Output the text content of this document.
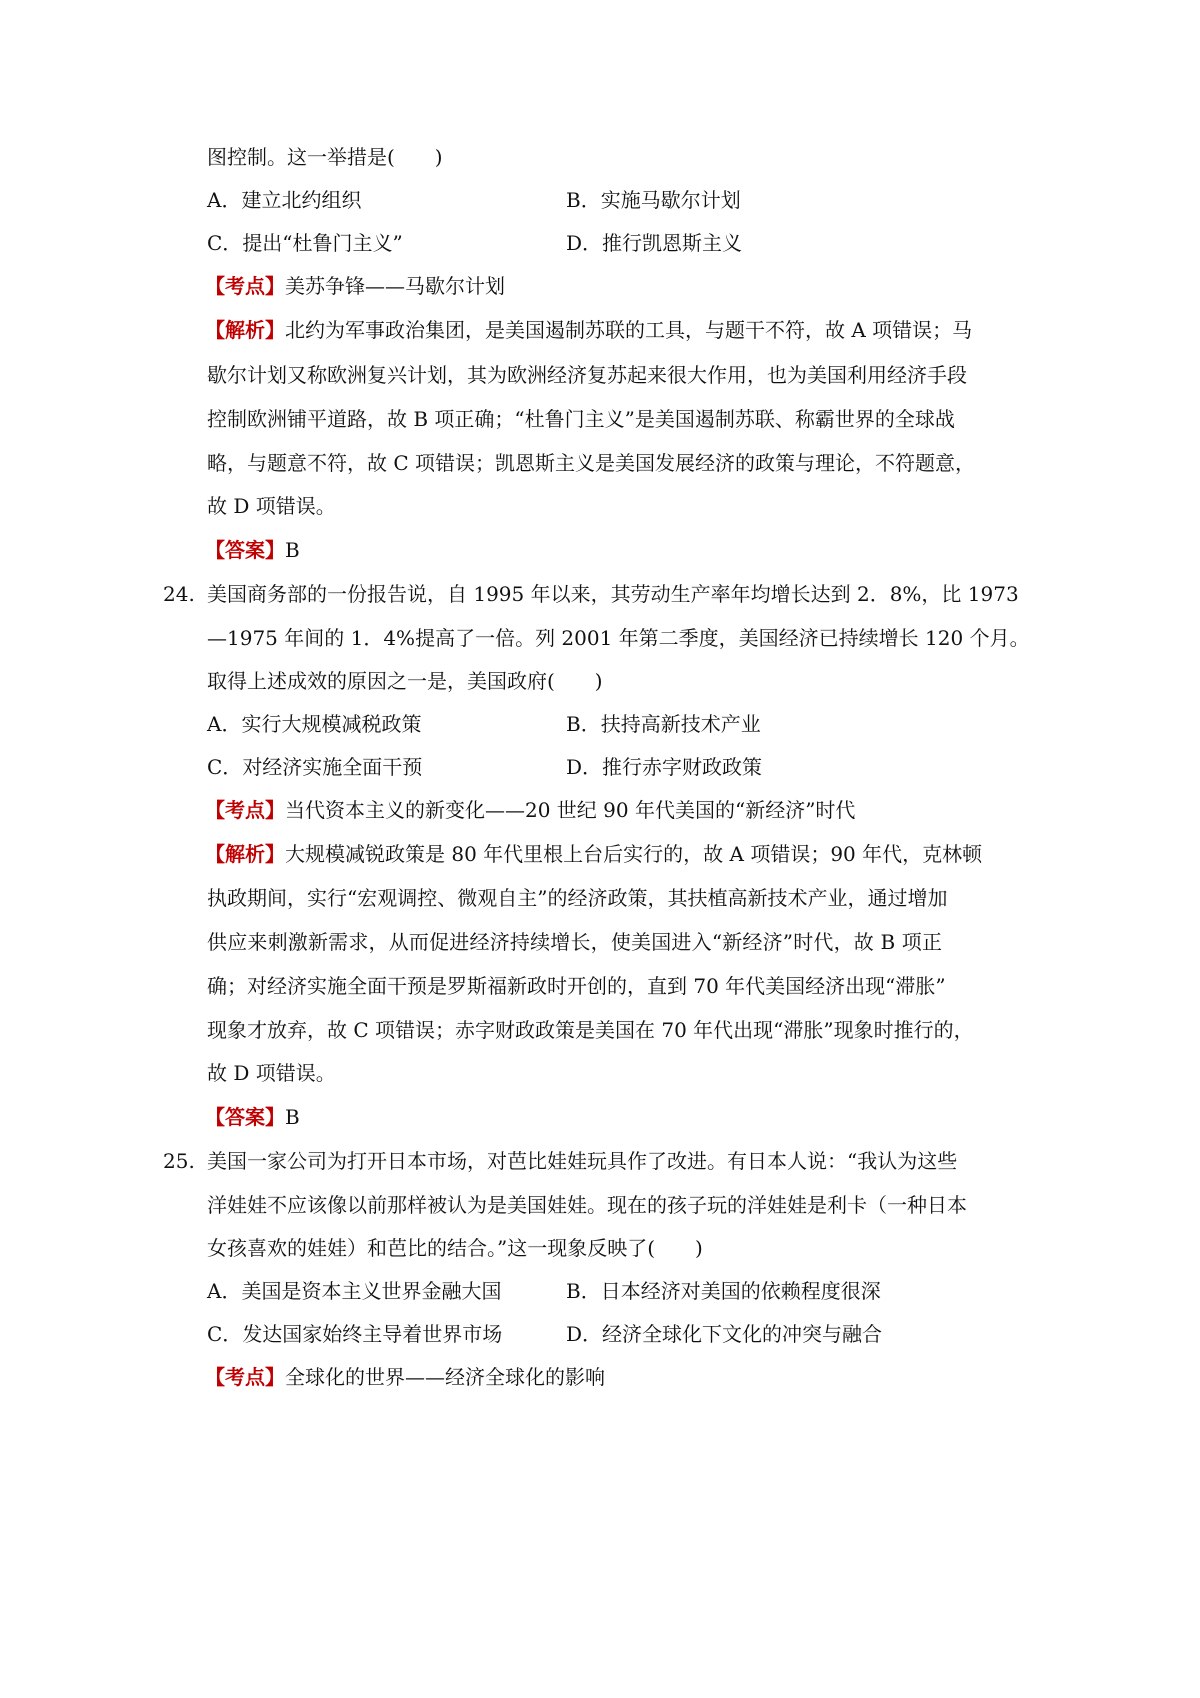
图控制。这一举措是(　　)
A．建立北约组织	B．实施马歇尔计划
C．提出“杜鲁门主义”	D．推行凯恩斯主义
【考点】美苏争锋——马歇尔计划
【解析】北约为军事政治集团，是美国遏制苏联的工具，与题干不符，故 A 项错误；马
歇尔计划又称欧洲复兴计划，其为欧洲经济复苏起来很大作用，也为美国利用经济手段
控制欧洲铺平道路，故 B 项正确；“杜鲁门主义”是美国遏制苏联、称霸世界的全球战
略，与题意不符，故 C 项错误；凯恩斯主义是美国发展经济的政策与理论，不符题意，
故 D 项错误。
【答案】B
24. 美国商务部的一份报告说，自 1995 年以来，其劳动生产率年均增长达到 2．8%，比 1973
—1975 年间的 1．4%提高了一倍。列 2001 年第二季度，美国经济已持续增长 120 个月。
取得上述成效的原因之一是，美国政府(　　)
A．实行大规模减税政策	B．扶持高新技术产业
C．对经济实施全面干预	D．推行赤字财政政策
【考点】当代资本主义的新变化——20 世纪 90 年代美国的“新经济”时代
【解析】大规模减锐政策是 80 年代里根上台后实行的，故 A 项错误；90 年代，克林顿
执政期间，实行“宏观调控、微观自主”的经济政策，其扶植高新技术产业，通过增加
供应来刺激新需求，从而促进经济持续增长，使美国进入“新经济”时代，故 B 项正
确；对经济实施全面干预是罗斯福新政时开创的，直到 70 年代美国经济出现“滞胀”
现象才放弃，故 C 项错误；赤字财政政策是美国在 70 年代出现“滞胀”现象时推行的，
故 D 项错误。
【答案】B
25. 美国一家公司为打开日本市场，对芭比娃娃玩具作了改进。有日本人说：“我认为这些
洋娃娃不应该像以前那样被认为是美国娃娃。现在的孩子玩的洋娃娃是利卡（一种日本
女孩喜欢的娃娃）和芭比的结合。”这一现象反映了(　　)
A．美国是资本主义世界金融大国	B．日本经济对美国的依赖程度很深
C．发达国家始终主导着世界市场	D．经济全球化下文化的冲突与融合
【考点】全球化的世界——经济全球化的影响
